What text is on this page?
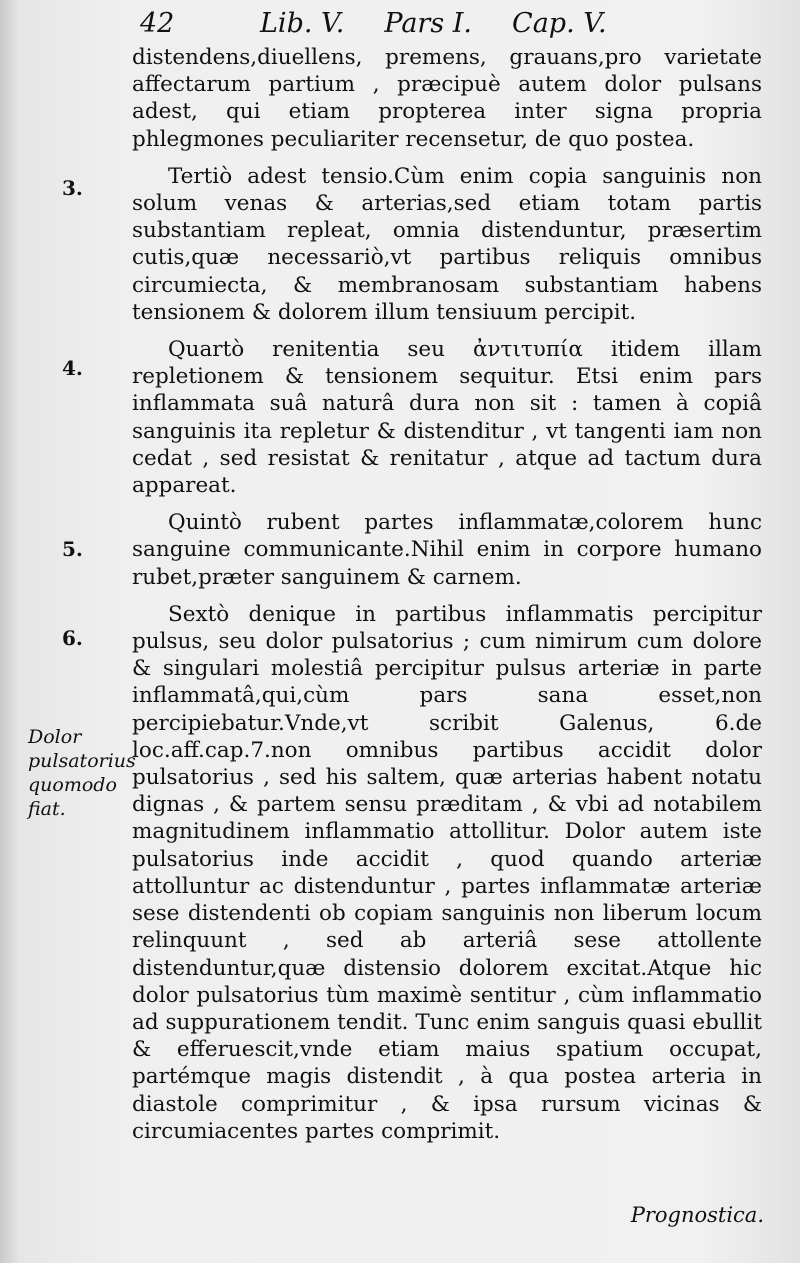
42	Lib. V. Pars I. Cap. V.

distendens,diuellens, premens, grauans,pro varietate affectarum partium , præcipuè autem dolor pulsans adest, qui etiam propterea inter signa propria phlegmones peculiariter recensetur, de quo postea.

Tertiò adest tensio.Cùm enim copia sanguinis non solum venas & arterias,sed etiam totam partis substantiam repleat, omnia distenduntur, præsertim cutis,quæ necessariò,vt partibus reliquis omnibus circumiecta, & membranosam substantiam habens tensionem & dolorem illum tensiuum percipit.

Quartò renitentia seu ἀντιτυπία itidem illam repletionem & tensionem sequitur. Etsi enim pars inflammata suâ naturâ dura non sit : tamen à copiâ sanguinis ita repletur & distenditur , vt tangenti iam non cedat , sed resistat & renitatur , atque ad tactum dura appareat.

Quintò rubent partes inflammatæ,colorem hunc sanguine communicante.Nihil enim in corpore humano rubet,præter sanguinem & carnem.

Sextò denique in partibus inflammatis percipitur pulsus, seu dolor pulsatorius ; cum nimirum cum dolore & singulari molestiâ percipitur pulsus arteriæ in parte inflammatâ,qui,cùm pars sana esset,non percipiebatur.Vnde,vt scribit Galenus, 6.de loc.aff.cap.7.non omnibus partibus accidit dolor pulsatorius , sed his saltem, quæ arterias habent notatu dignas , & partem sensu præditam , & vbi ad notabilem magnitudinem inflammatio attollitur. Dolor autem iste pulsatorius inde accidit , quod quando arteriæ attolluntur ac distenduntur , partes inflammatæ arteriæ sese distendenti ob copiam sanguinis non liberum locum relinquunt , sed ab arteriâ sese attollente distenduntur,quæ distensio dolorem excitat.Atque hic dolor pulsatorius tùm maximè sentitur , cùm inflammatio ad suppurationem tendit. Tunc enim sanguis quasi ebullit & efferuescit,vnde etiam maius spatium occupat, partémque magis distendit , à qua postea arteria in diastole comprimitur , & ipsa rursum vicinas & circumiacentes partes comprimit.

3.
4.
5.
6.
Dolor pulsatorius quomodo fiat.
Prognostica.
